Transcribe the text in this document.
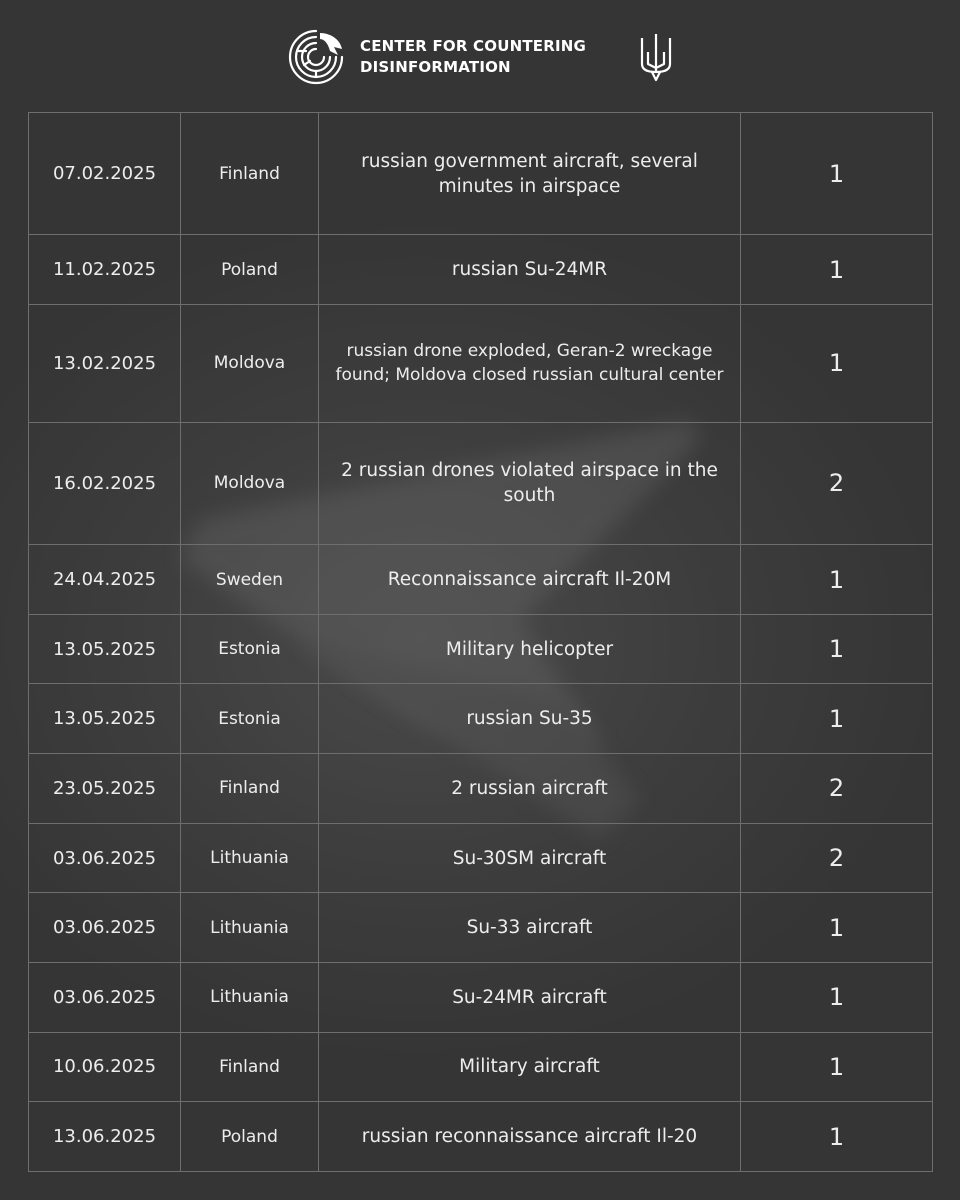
CENTER FOR COUNTERING
DISINFORMATION
07.02.2025	Finland	russian government aircraft, several minutes in airspace	1
11.02.2025	Poland	russian Su-24MR	1
13.02.2025	Moldova	russian drone exploded, Geran-2 wreckage found; Moldova closed russian cultural center	1
16.02.2025	Moldova	2 russian drones violated airspace in the south	2
24.04.2025	Sweden	Reconnaissance aircraft Il-20M	1
13.05.2025	Estonia	Military helicopter	1
13.05.2025	Estonia	russian Su-35	1
23.05.2025	Finland	2 russian aircraft	2
03.06.2025	Lithuania	Su-30SM aircraft	2
03.06.2025	Lithuania	Su-33 aircraft	1
03.06.2025	Lithuania	Su-24MR aircraft	1
10.06.2025	Finland	Military aircraft	1
13.06.2025	Poland	russian reconnaissance aircraft Il-20	1
